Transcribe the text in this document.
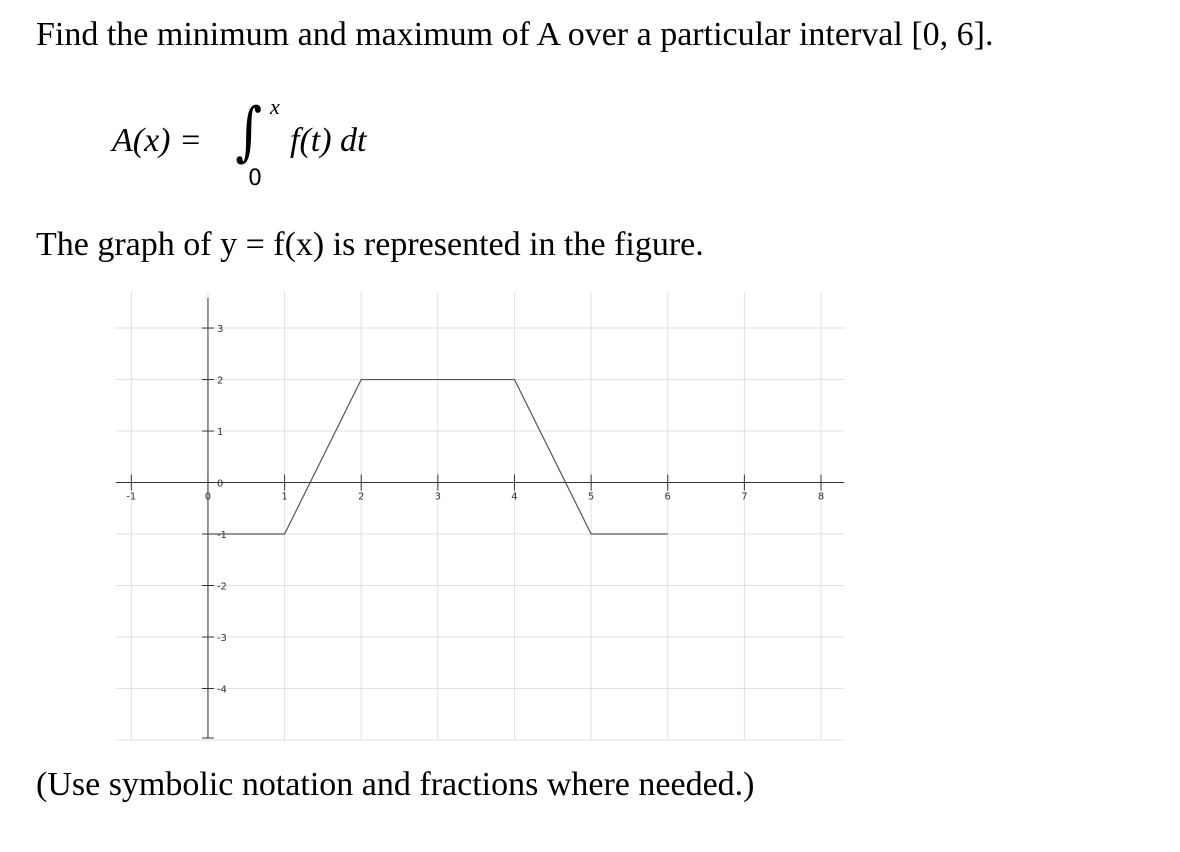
Find the minimum and maximum of A over a particular interval [0, 6].
A(x) = ∫ x
0
f(t) dt
The graph of y = f(x) is represented in the figure.
-1	0	1	2	3	4	5	6	7	8
3
2
1
0
-1
-2
-3
-4
(Use symbolic notation and fractions where needed.)
